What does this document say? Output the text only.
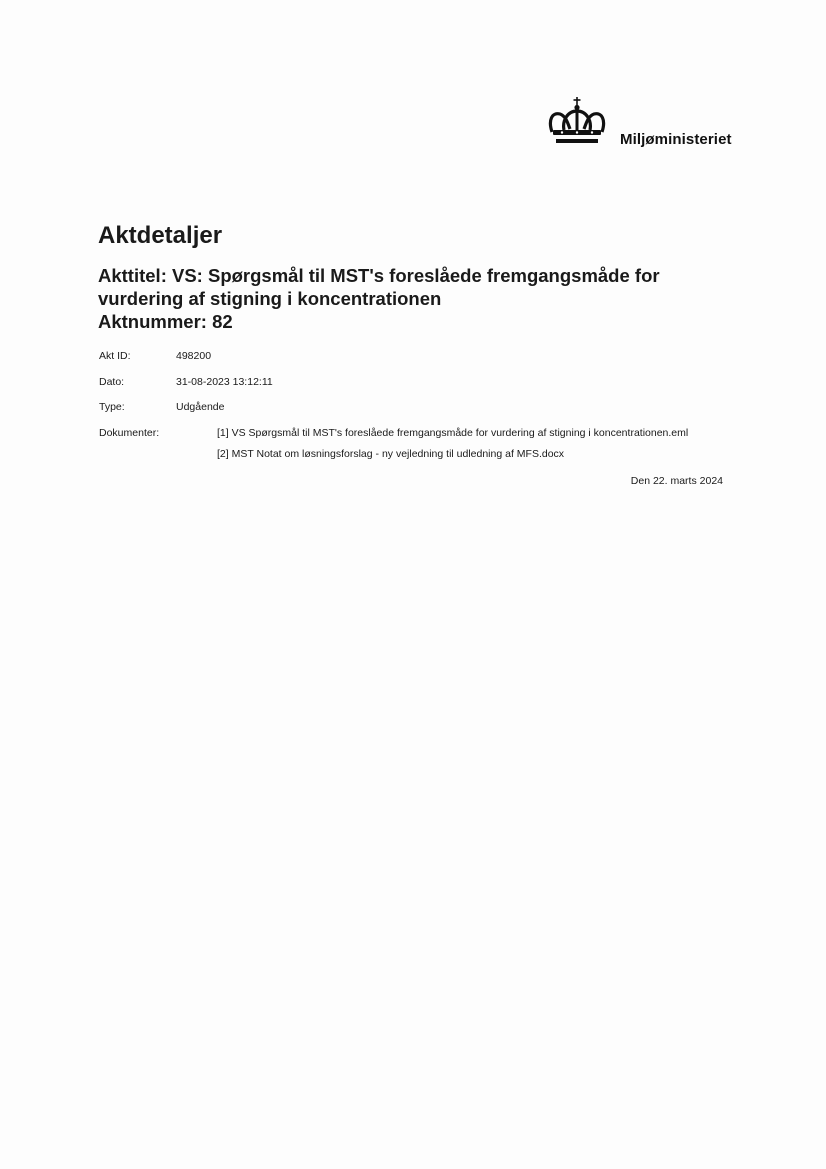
Miljøministeriet
Aktdetaljer
Akttitel: VS: Spørgsmål til MST's foreslåede fremgangsmåde for
vurdering af stigning i koncentrationen
Aktnummer: 82
Akt ID:	498200
Dato:	31-08-2023 13:12:11
Type:	Udgående
Dokumenter:	[1] VS Spørgsmål til MST's foreslåede fremgangsmåde for vurdering af stigning i koncentrationen.eml
[2] MST Notat om løsningsforslag - ny vejledning til udledning af MFS.docx
Den 22. marts 2024
